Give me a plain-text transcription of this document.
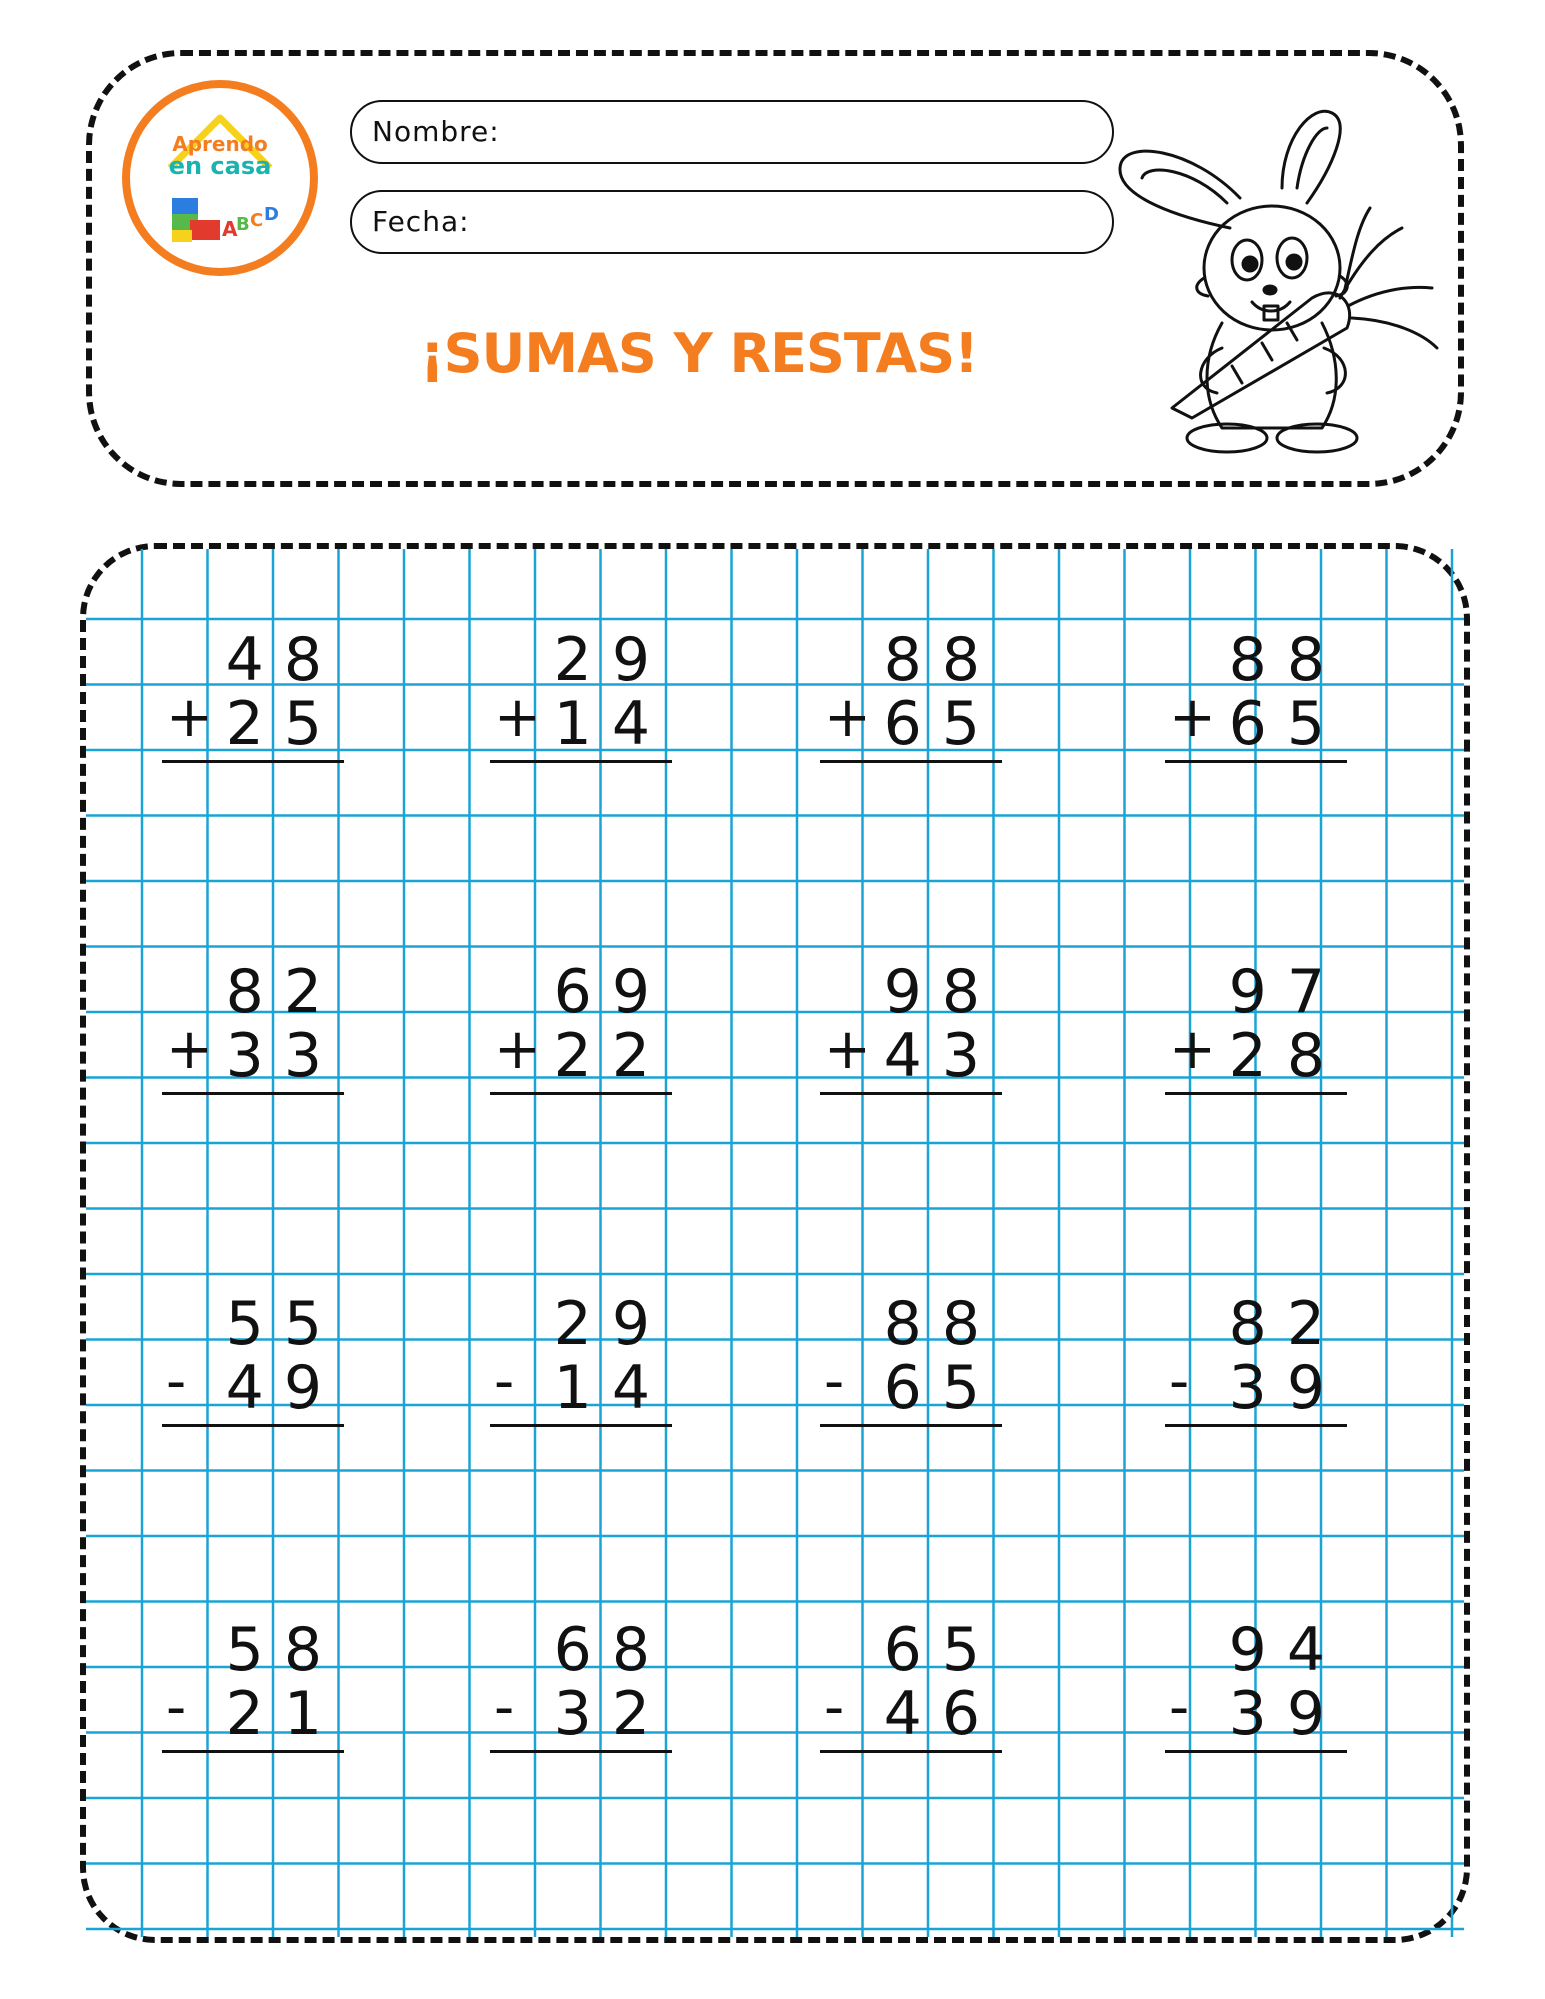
Aprendo
en casa
A
B C D
Nombre:
Fecha:
¡SUMAS Y RESTAS!
48
+ 25
29
+ 14
88
+ 65
88
+ 65
82
+ 33
69
+ 22
98
+ 43
97
+ 28
55
- 49
29
- 14
88
- 65
82
- 39
58
- 21
68
- 32
65
- 46
94
- 39
